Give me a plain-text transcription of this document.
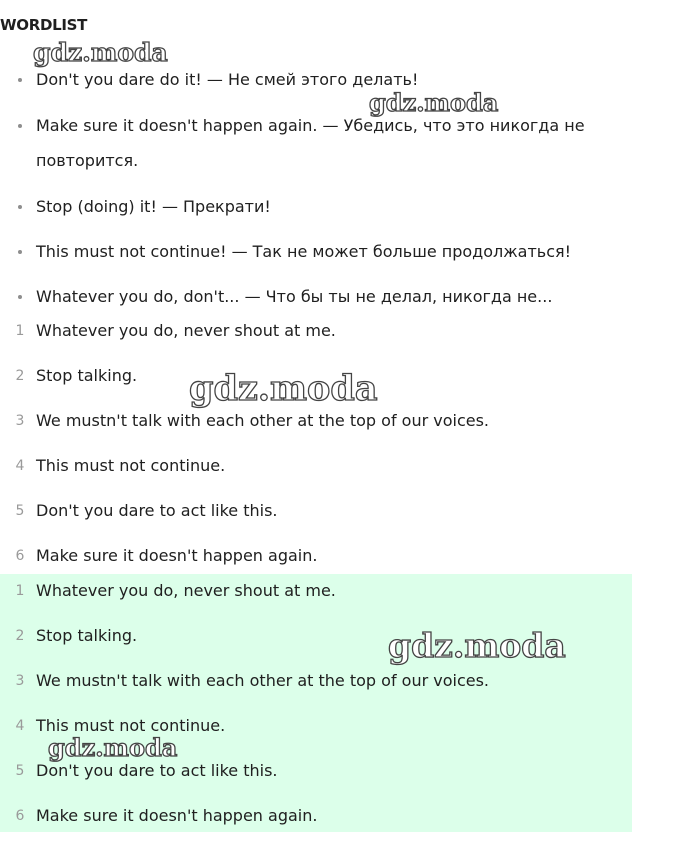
WORDLIST
Don't you dare do it! — Не смей этого делать!
Make sure it doesn't happen again. — Убедись, что это никогда не
повторится.
Stop (doing) it! — Прекрати!
This must not continue! — Так не может больше продолжаться!
Whatever you do, don't... — Что бы ты не делал, никогда не...
1 Whatever you do, never shout at me.
2 Stop talking.
3 We mustn't talk with each other at the top of our voices.
4 This must not continue.
5 Don't you dare to act like this.
6 Make sure it doesn't happen again.
1 Whatever you do, never shout at me.
2 Stop talking.
3 We mustn't talk with each other at the top of our voices.
4 This must not continue.
5 Don't you dare to act like this.
6 Make sure it doesn't happen again.
gdz.moda
gdz.moda
gdz.moda
gdz.moda
gdz.moda
